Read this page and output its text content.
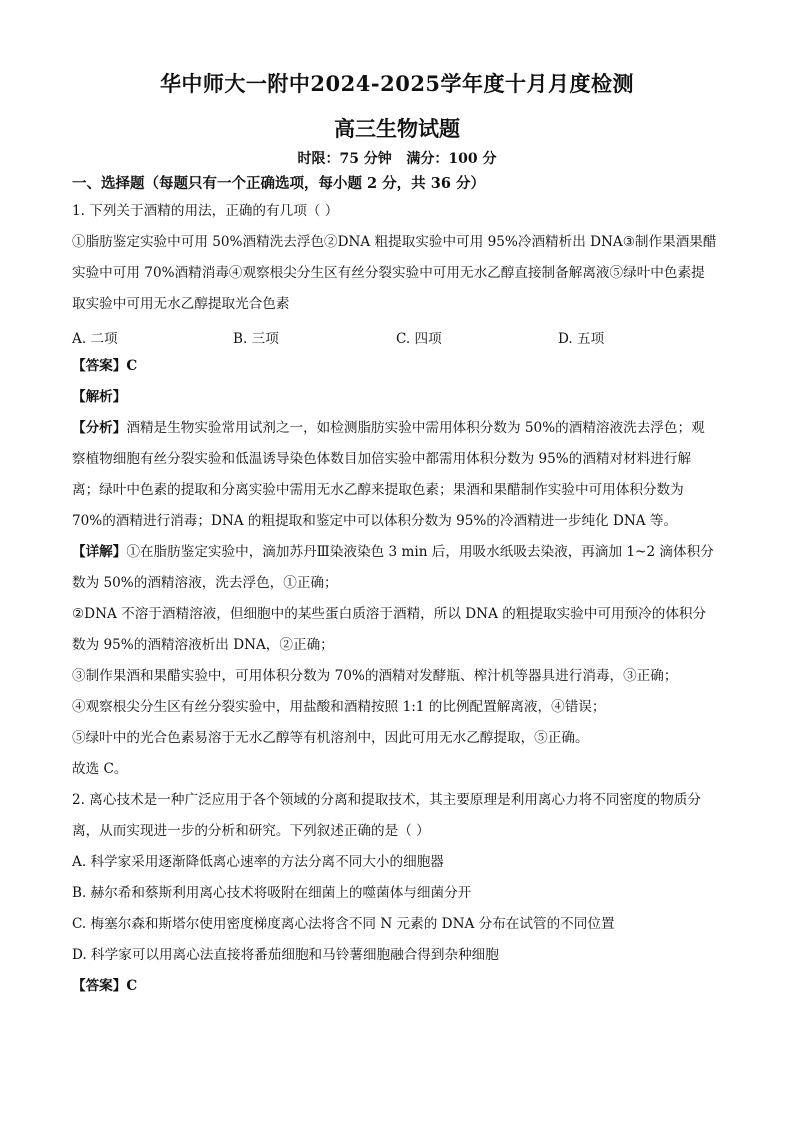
华中师大一附中2024-2025学年度十月月度检测
高三生物试题
时限：75 分钟   满分：100 分
一、选择题（每题只有一个正确选项，每小题 2 分，共 36 分）
1. 下列关于酒精的用法，正确的有几项（ ）
①脂肪鉴定实验中可用 50%酒精洗去浮色②DNA 粗提取实验中可用 95%冷酒精析出 DNA③制作果酒果醋
实验中可用 70%酒精消毒④观察根尖分生区有丝分裂实验中可用无水乙醇直接制备解离液⑤绿叶中色素提
取实验中可用无水乙醇提取光合色素
A. 二项	B. 三项	C. 四项	D. 五项
【答案】C
【解析】
【分析】酒精是生物实验常用试剂之一，如检测脂肪实验中需用体积分数为 50%的酒精溶液洗去浮色；观
察植物细胞有丝分裂实验和低温诱导染色体数目加倍实验中都需用体积分数为 95%的酒精对材料进行解
离；绿叶中色素的提取和分离实验中需用无水乙醇来提取色素；果酒和果醋制作实验中可用体积分数为
70%的酒精进行消毒；DNA 的粗提取和鉴定中可以体积分数为 95%的冷酒精进一步纯化 DNA 等。
【详解】①在脂肪鉴定实验中，滴加苏丹Ⅲ染液染色 3 min 后，用吸水纸吸去染液，再滴加 1~2 滴体积分
数为 50%的酒精溶液，洗去浮色，①正确；
②DNA 不溶于酒精溶液，但细胞中的某些蛋白质溶于酒精，所以 DNA 的粗提取实验中可用预冷的体积分
数为 95%的酒精溶液析出 DNA，②正确；
③制作果酒和果醋实验中，可用体积分数为 70%的酒精对发酵瓶、榨汁机等器具进行消毒，③正确；
④观察根尖分生区有丝分裂实验中，用盐酸和酒精按照 1:1 的比例配置解离液，④错误；
⑤绿叶中的光合色素易溶于无水乙醇等有机溶剂中，因此可用无水乙醇提取，⑤正确。
故选 C。
2. 离心技术是一种广泛应用于各个领域的分离和提取技术，其主要原理是利用离心力将不同密度的物质分
离，从而实现进一步的分析和研究。下列叙述正确的是（ ）
A. 科学家采用逐渐降低离心速率的方法分离不同大小的细胞器
B. 赫尔希和蔡斯利用离心技术将吸附在细菌上的噬菌体与细菌分开
C. 梅塞尔森和斯塔尔使用密度梯度离心法将含不同 N 元素的 DNA 分布在试管的不同位置
D. 科学家可以用离心法直接将番茄细胞和马铃薯细胞融合得到杂种细胞
【答案】C
